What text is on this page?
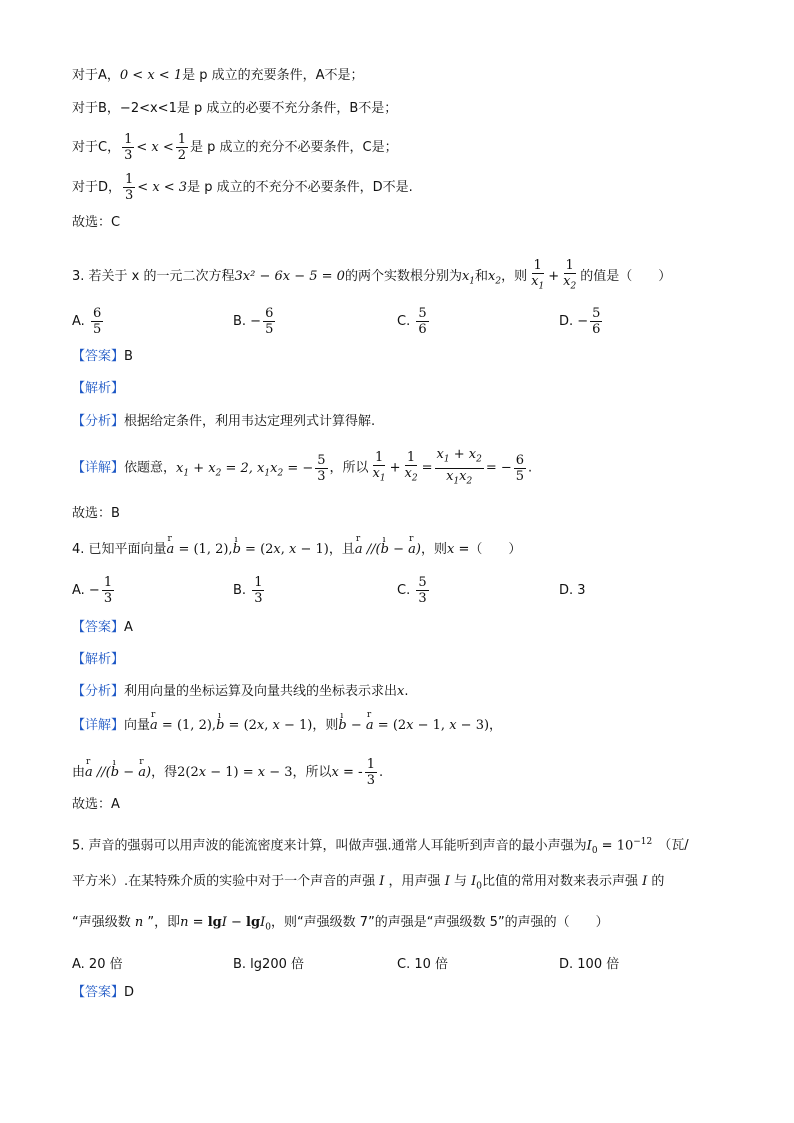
对于A，0 < x < 1是 p 成立的充要条件，A不是；
对于B，−2<x<1是 p 成立的必要不充分条件，B不是；
对于C， $\frac{1}{3} < x < \frac{1}{2}$ 是 p 成立的充分不必要条件，C是；
对于D， $\frac{1}{3} < x < 3$是 p 成立的不充分不必要条件，D不是.
故选：C
3. 若关于 x 的一元二次方程3x² − 6x − 5 = 0的两个实数根分别为$x_1$和$x_2$，则 $\frac{1}{x_1} + \frac{1}{x_2}$ 的值是（　　）
A. $\frac{6}{5}$	B. − $\frac{6}{5}$	C. $\frac{5}{6}$	D. − $\frac{5}{6}$
【答案】B
【解析】
【分析】根据给定条件，利用韦达定理列式计算得解.
【详解】依题意，$x_1 + x_2 = 2$, $x_1x_2$ = − $\frac{5}{3}$ ，所以 $\frac{1}{x_1} + \frac{1}{x_2} = \frac{x_1 + x_2}{x_1x_2}$ = − $\frac{6}{5}$ .
故选：B
4. 已知平面向量r a = (1, 2),ı b = (2x, x − 1)，且r a //(ı b − r a)，则x =（　　）
A. − $\frac{1}{3}$	B. $\frac{1}{3}$	C. $\frac{5}{3}$	D. 3
【答案】A
【解析】
【分析】利用向量的坐标运算及向量共线的坐标表示求出x.
【详解】向量r a = (1, 2),ı b = (2x, x − 1)，则ı b − r a = (2x − 1, x − 3)，
由r a //(ı b − r a)，得2(2x − 1) = x − 3，所以x = - $\frac{1}{3}$ .
故选：A
5. 声音的强弱可以用声波的能流密度来计算，叫做声强.通常人耳能听到声音的最小声强为$I_0 = 10^{-12}$ （瓦/
平方米）.在某特殊介质的实验中对于一个声音的声强 I ，用声强 I 与 $I_0$比值的常用对数来表示声强 I 的
“声强级数 n ”，即n = lgI − lgI$_0$，则“声强级数 7”的声强是“声强级数 5”的声强的（　　）
A. 20 倍	B. lg200 倍	C. 10 倍	D. 100 倍
【答案】D
